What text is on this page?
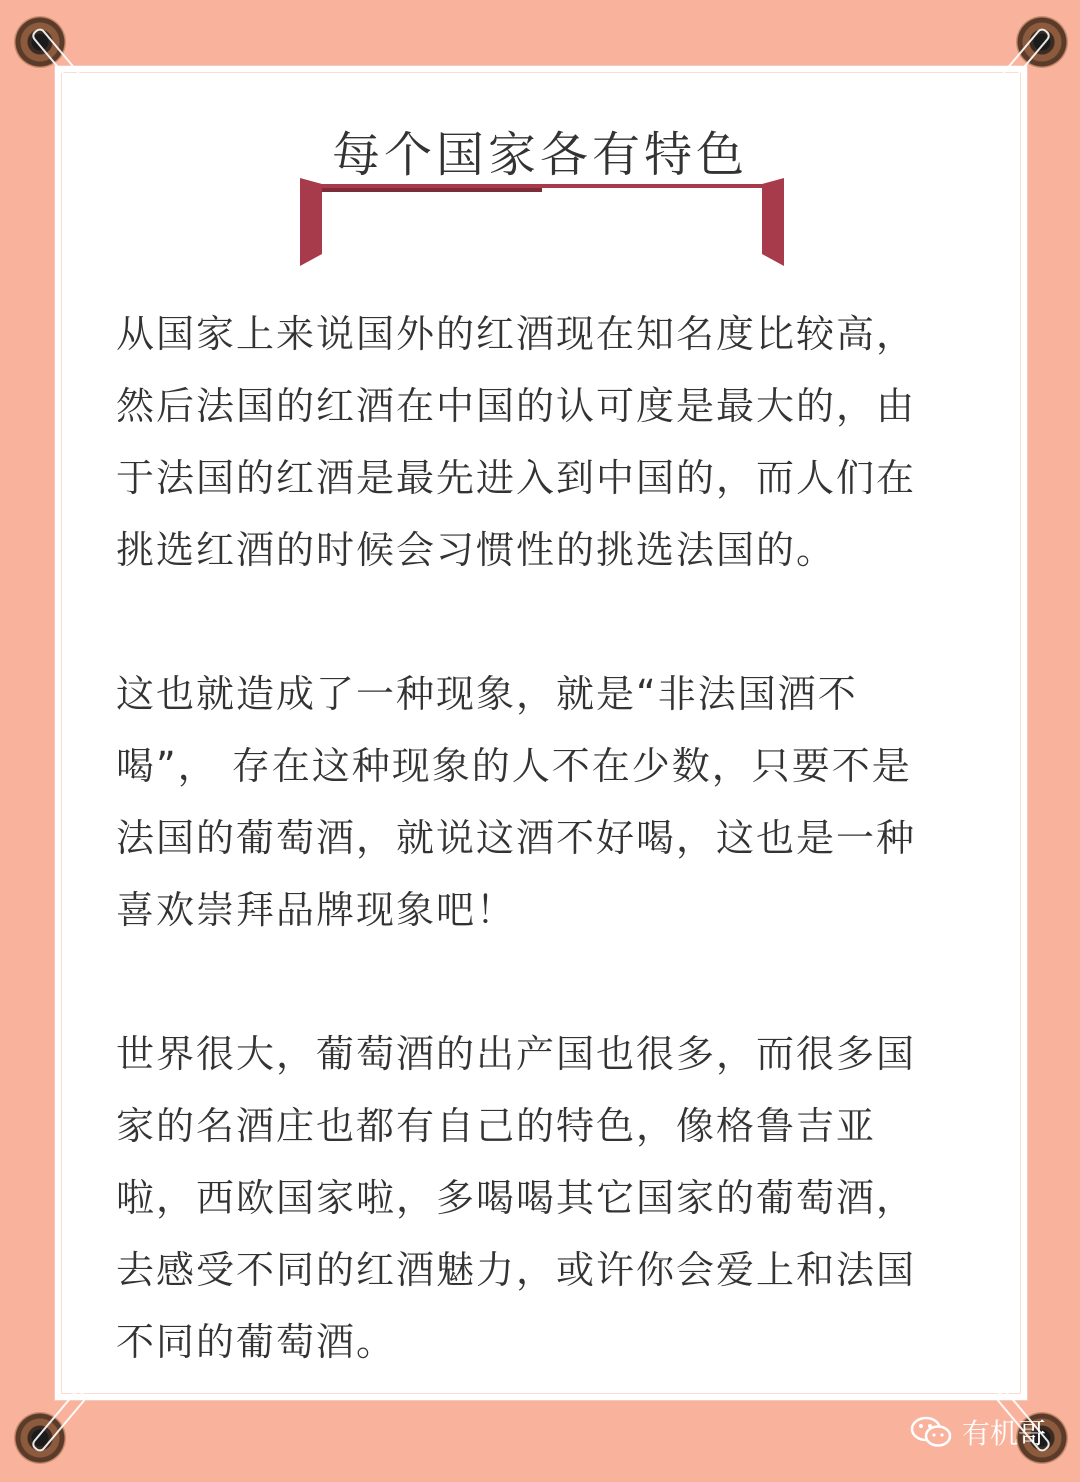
每个国家各有特色
从国家上来说国外的红酒现在知名度比较高，
然后法国的红酒在中国的认可度是最大的，由
于法国的红酒是最先进入到中国的，而人们在
挑选红酒的时候会习惯性的挑选法国的。
这也就造成了一种现象，就是“非法国酒不
喝”， 存在这种现象的人不在少数，只要不是
法国的葡萄酒，就说这酒不好喝，这也是一种
喜欢崇拜品牌现象吧！
世界很大，葡萄酒的出产国也很多，而很多国
家的名酒庄也都有自己的特色，像格鲁吉亚
啦，西欧国家啦，多喝喝其它国家的葡萄酒，
去感受不同的红酒魅力，或许你会爱上和法国
不同的葡萄酒。
有机哥
